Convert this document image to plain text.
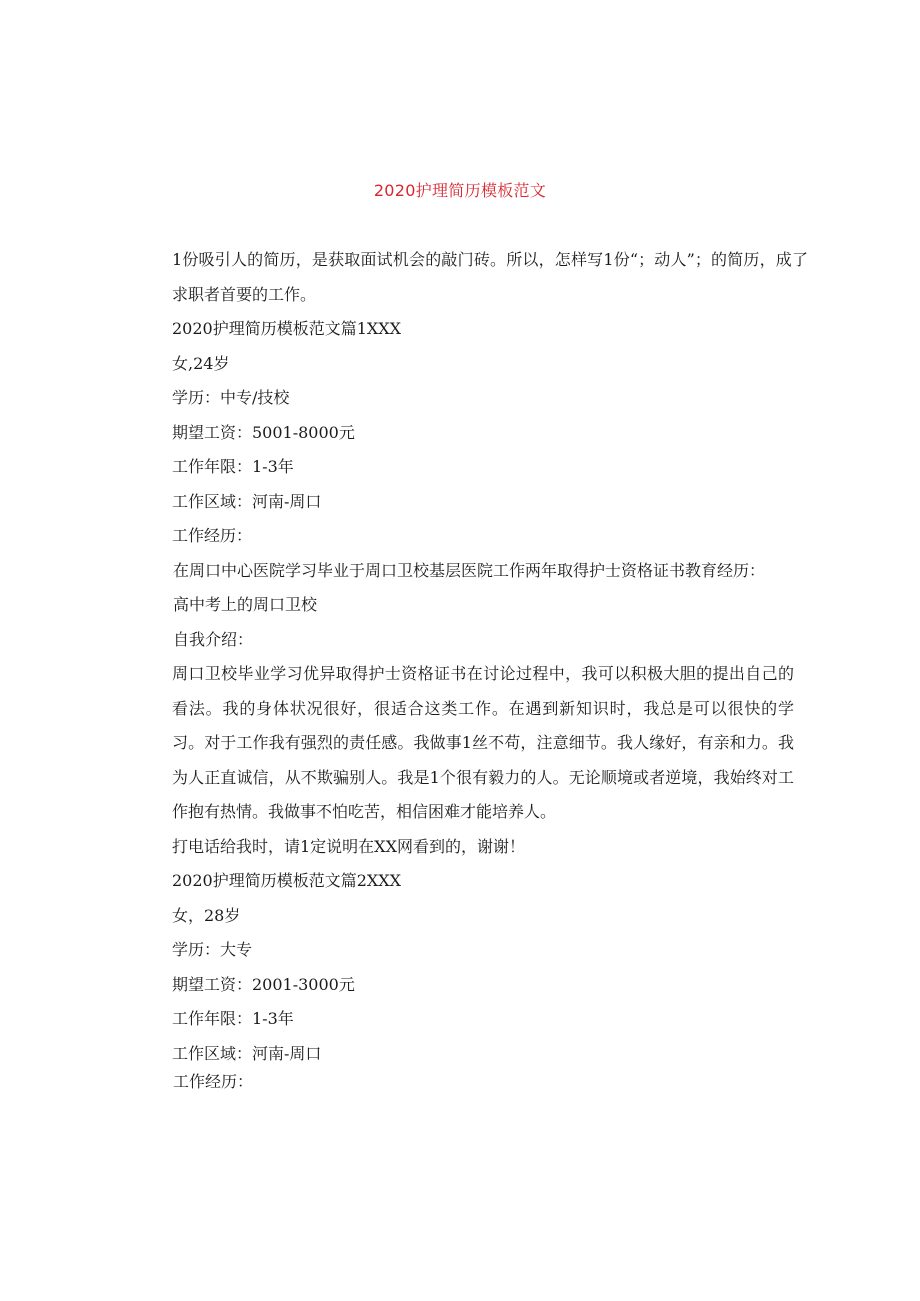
2020护理简历模板范文

1份吸引人的简历，是获取面试机会的敲门砖。所以，怎样写1份“；动人”；的简历，成了求职者首要的工作。

2020护理简历模板范文篇1XXX

女,24岁

学历：中专/技校

期望工资：5001-8000元

工作年限：1-3年

工作区域：河南-周口

工作经历：

在周口中心医院学习毕业于周口卫校基层医院工作两年取得护士资格证书教育经历：

高中考上的周口卫校

自我介绍：

周口卫校毕业学习优异取得护士资格证书在讨论过程中，我可以积极大胆的提出自己的看法。我的身体状况很好，很适合这类工作。在遇到新知识时，我总是可以很快的学习。对于工作我有强烈的责任感。我做事1丝不苟，注意细节。我人缘好，有亲和力。我为人正直诚信，从不欺骗别人。我是1个很有毅力的人。无论顺境或者逆境，我始终对工作抱有热情。我做事不怕吃苦，相信困难才能培养人。

打电话给我时，请1定说明在XX网看到的，谢谢！

2020护理简历模板范文篇2XXX

女，28岁

学历：大专

期望工资：2001-3000元

工作年限：1-3年

工作区域：河南-周口

工作经历：
